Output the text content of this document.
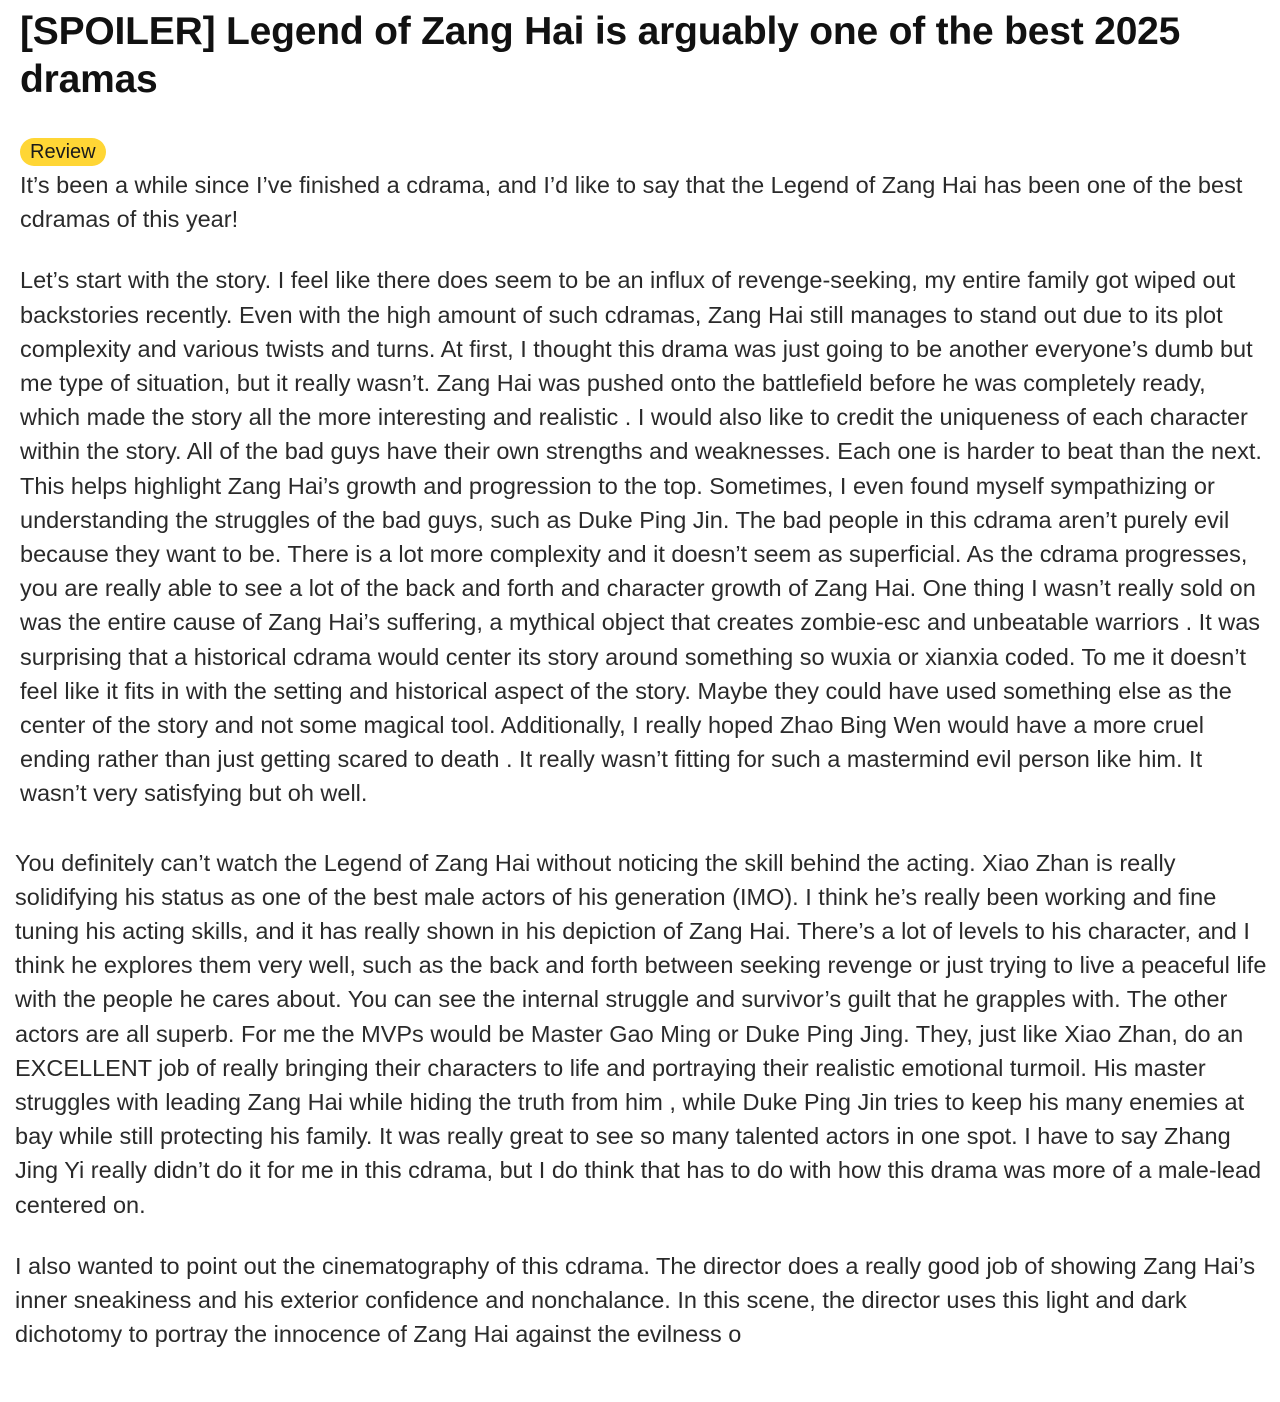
[SPOILER] Legend of Zang Hai is arguably one of the best 2025 dramas
Review

It’s been a while since I’ve finished a cdrama, and I’d like to say that the Legend of Zang Hai has been one of the best cdramas of this year!

Let’s start with the story. I feel like there does seem to be an influx of revenge-seeking, my entire family got wiped out backstories recently. Even with the high amount of such cdramas, Zang Hai still manages to stand out due to its plot complexity and various twists and turns. At first, I thought this drama was just going to be another everyone’s dumb but me type of situation, but it really wasn’t. Zang Hai was pushed onto the battlefield before he was completely ready, which made the story all the more interesting and realistic . I would also like to credit the uniqueness of each character within the story. All of the bad guys have their own strengths and weaknesses. Each one is harder to beat than the next. This helps highlight Zang Hai’s growth and progression to the top. Sometimes, I even found myself sympathizing or understanding the struggles of the bad guys, such as Duke Ping Jin. The bad people in this cdrama aren’t purely evil because they want to be. There is a lot more complexity and it doesn’t seem as superficial. As the cdrama progresses, you are really able to see a lot of the back and forth and character growth of Zang Hai. One thing I wasn’t really sold on was the entire cause of Zang Hai’s suffering, a mythical object that creates zombie-esc and unbeatable warriors . It was surprising that a historical cdrama would center its story around something so wuxia or xianxia coded. To me it doesn’t feel like it fits in with the setting and historical aspect of the story. Maybe they could have used something else as the center of the story and not some magical tool. Additionally, I really hoped Zhao Bing Wen would have a more cruel ending rather than just getting scared to death . It really wasn’t fitting for such a mastermind evil person like him. It wasn’t very satisfying but oh well.

You definitely can’t watch the Legend of Zang Hai without noticing the skill behind the acting. Xiao Zhan is really solidifying his status as one of the best male actors of his generation (IMO). I think he’s really been working and fine tuning his acting skills, and it has really shown in his depiction of Zang Hai. There’s a lot of levels to his character, and I think he explores them very well, such as the back and forth between seeking revenge or just trying to live a peaceful life with the people he cares about. You can see the internal struggle and survivor’s guilt that he grapples with. The other actors are all superb. For me the MVPs would be Master Gao Ming or Duke Ping Jing. They, just like Xiao Zhan, do an EXCELLENT job of really bringing their characters to life and portraying their realistic emotional turmoil. His master struggles with leading Zang Hai while hiding the truth from him , while Duke Ping Jin tries to keep his many enemies at bay while still protecting his family. It was really great to see so many talented actors in one spot. I have to say Zhang Jing Yi really didn’t do it for me in this cdrama, but I do think that has to do with how this drama was more of a male-lead centered on.

I also wanted to point out the cinematography of this cdrama. The director does a really good job of showing Zang Hai’s inner sneakiness and his exterior confidence and nonchalance. In this scene, the director uses this light and dark dichotomy to portray the innocence of Zang Hai against the evilness o
